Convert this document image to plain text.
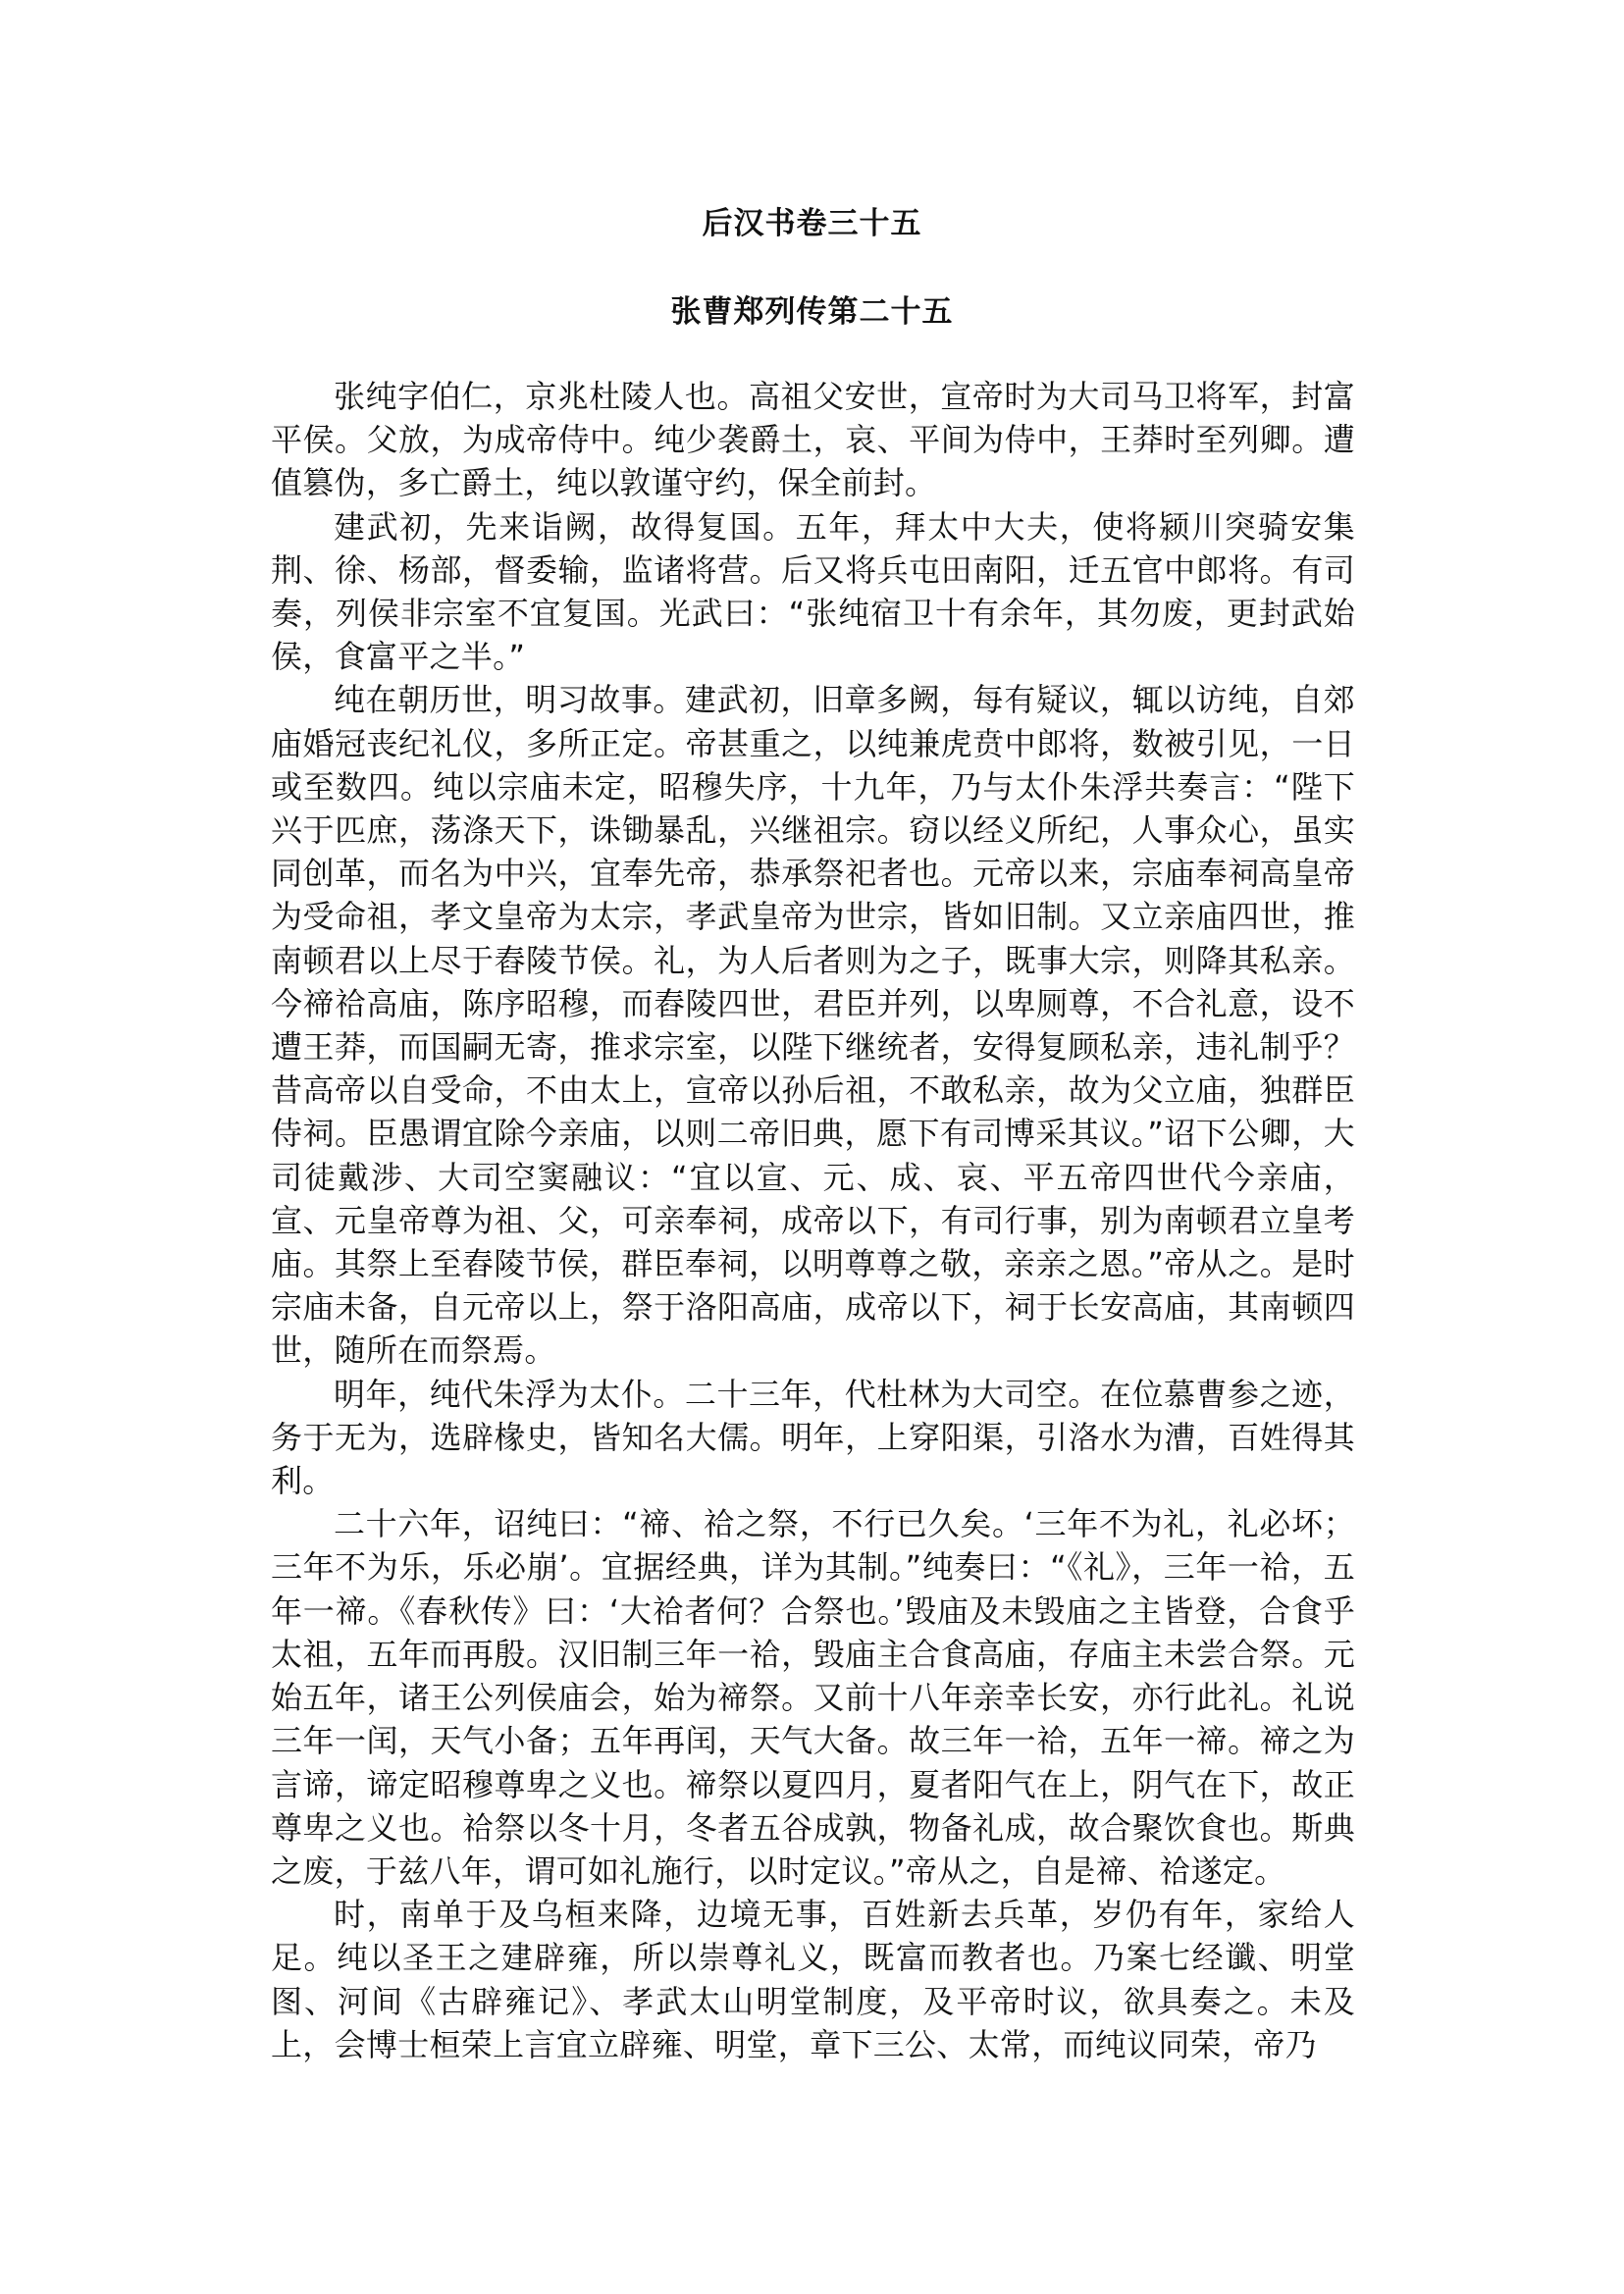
后汉书卷三十五
张曹郑列传第二十五

张纯字伯仁，京兆杜陵人也。高祖父安世，宣帝时为大司马卫将军，封富平侯。父放，为成帝侍中。纯少袭爵土，哀、平间为侍中，王莽时至列卿。遭值篡伪，多亡爵土，纯以敦谨守约，保全前封。

建武初，先来诣阙，故得复国。五年，拜太中大夫，使将颍川突骑安集荆、徐、杨部，督委输，监诸将营。后又将兵屯田南阳，迁五官中郎将。有司奏，列侯非宗室不宜复国。光武曰：“张纯宿卫十有余年，其勿废，更封武始侯，食富平之半。”

纯在朝历世，明习故事。建武初，旧章多阙，每有疑议，辄以访纯，自郊庙婚冠丧纪礼仪，多所正定。帝甚重之，以纯兼虎贲中郎将，数被引见，一日或至数四。纯以宗庙未定，昭穆失序，十九年，乃与太仆朱浮共奏言：“陛下兴于匹庶，荡涤天下，诛锄暴乱，兴继祖宗。窃以经义所纪，人事众心，虽实同创革，而名为中兴，宜奉先帝，恭承祭祀者也。元帝以来，宗庙奉祠高皇帝为受命祖，孝文皇帝为太宗，孝武皇帝为世宗，皆如旧制。又立亲庙四世，推南顿君以上尽于舂陵节侯。礼，为人后者则为之子，既事大宗，则降其私亲。今禘祫高庙，陈序昭穆，而舂陵四世，君臣并列，以卑厕尊，不合礼意，设不遭王莽，而国嗣无寄，推求宗室，以陛下继统者，安得复顾私亲，违礼制乎？昔高帝以自受命，不由太上，宣帝以孙后祖，不敢私亲，故为父立庙，独群臣侍祠。臣愚谓宜除今亲庙，以则二帝旧典，愿下有司博采其议。”诏下公卿，大司徒戴涉、大司空窦融议：“宜以宣、元、成、哀、平五帝四世代今亲庙，宣、元皇帝尊为祖、父，可亲奉祠，成帝以下，有司行事，别为南顿君立皇考庙。其祭上至舂陵节侯，群臣奉祠，以明尊尊之敬，亲亲之恩。”帝从之。是时宗庙未备，自元帝以上，祭于洛阳高庙，成帝以下，祠于长安高庙，其南顿四世，随所在而祭焉。

明年，纯代朱浮为太仆。二十三年，代杜林为大司空。在位慕曹参之迹，务于无为，选辟椽史，皆知名大儒。明年，上穿阳渠，引洛水为漕，百姓得其利。

二十六年，诏纯曰：“禘、祫之祭，不行已久矣。‘三年不为礼，礼必坏；三年不为乐，乐必崩’。宜据经典，详为其制。”纯奏曰：“《礼》，三年一祫，五年一禘。《春秋传》曰：‘大祫者何？合祭也。’毁庙及未毁庙之主皆登，合食乎太祖，五年而再殷。汉旧制三年一祫，毁庙主合食高庙，存庙主未尝合祭。元始五年，诸王公列侯庙会，始为禘祭。又前十八年亲幸长安，亦行此礼。礼说三年一闰，天气小备；五年再闰，天气大备。故三年一祫，五年一禘。禘之为言谛，谛定昭穆尊卑之义也。禘祭以夏四月，夏者阳气在上，阴气在下，故正尊卑之义也。祫祭以冬十月，冬者五谷成孰，物备礼成，故合聚饮食也。斯典之废，于兹八年，谓可如礼施行，以时定议。”帝从之，自是禘、祫遂定。

时，南单于及乌桓来降，边境无事，百姓新去兵革，岁仍有年，家给人足。纯以圣王之建辟雍，所以崇尊礼义，既富而教者也。乃案七经谶、明堂图、河间《古辟雍记》、孝武太山明堂制度，及平帝时议，欲具奏之。未及上，会博士桓荣上言宜立辟雍、明堂，章下三公、太常，而纯议同荣，帝乃
